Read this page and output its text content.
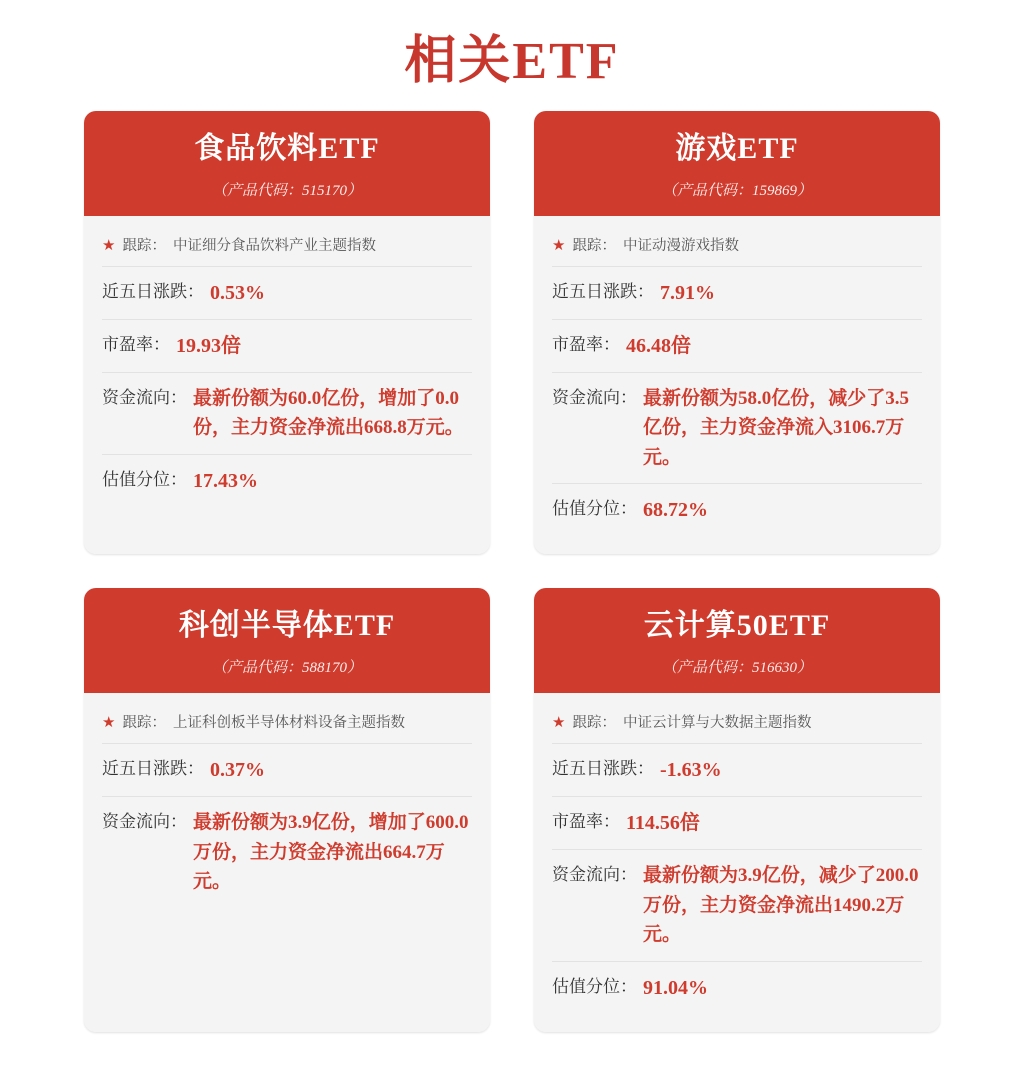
相关ETF
食品饮料ETF
（产品代码：515170）
★ 跟踪： 中证细分食品饮料产业主题指数
近五日涨跌： 0.53%
市盈率： 19.93倍
资金流向： 最新份额为60.0亿份，增加了0.0份，主力资金净流出668.8万元。
估值分位： 17.43%
游戏ETF
（产品代码：159869）
★ 跟踪： 中证动漫游戏指数
近五日涨跌： 7.91%
市盈率： 46.48倍
资金流向： 最新份额为58.0亿份，减少了3.5亿份，主力资金净流入3106.7万元。
估值分位： 68.72%
科创半导体ETF
（产品代码：588170）
★ 跟踪： 上证科创板半导体材料设备主题指数
近五日涨跌： 0.37%
资金流向： 最新份额为3.9亿份，增加了600.0万份，主力资金净流出664.7万元。
云计算50ETF
（产品代码：516630）
★ 跟踪： 中证云计算与大数据主题指数
近五日涨跌： -1.63%
市盈率： 114.56倍
资金流向： 最新份额为3.9亿份，减少了200.0万份，主力资金净流出1490.2万元。
估值分位： 91.04%
